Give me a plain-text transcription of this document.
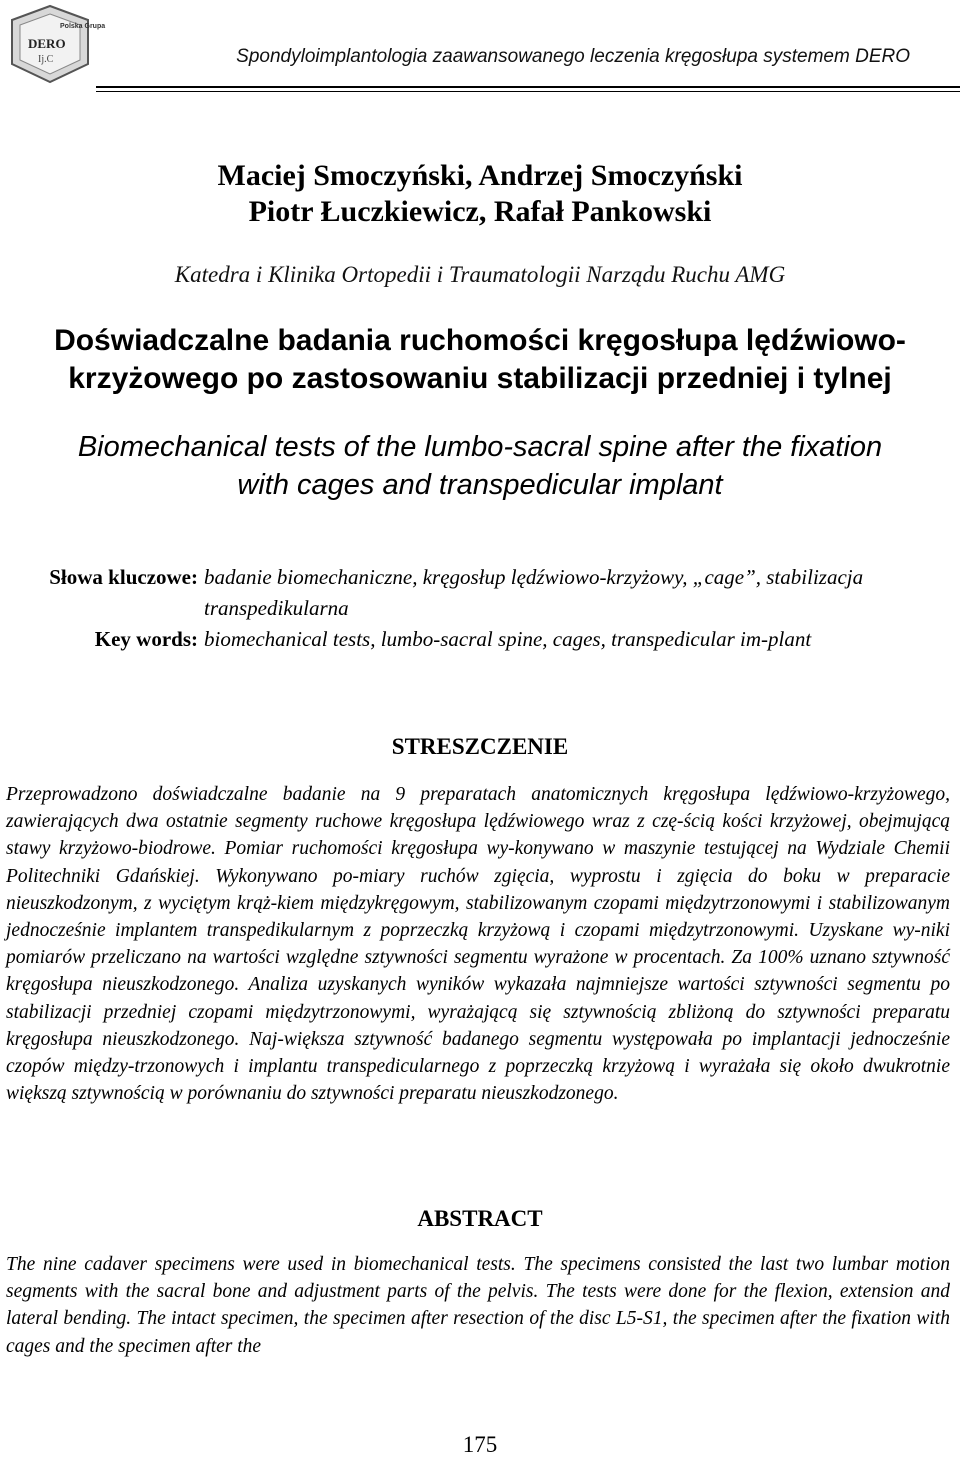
Polska Grupa
DERO
Ij.C	Spondyloimplantologia zaawansowanego leczenia kręgosłupa systemem DERO
Maciej Smoczyński, Andrzej Smoczyński
Piotr Łuczkiewicz, Rafał Pankowski
Katedra i Klinika Ortopedii i Traumatologii Narządu Ruchu AMG
Doświadczalne badania ruchomości kręgosłupa lędźwiowo-
krzyżowego po zastosowaniu stabilizacji przedniej i tylnej
Biomechanical tests of the lumbo-sacral spine after the fixation
with cages and transpedicular implant
Słowa kluczowe: badanie biomechaniczne, kręgosłup lędźwiowo-krzyżowy, „cage”, stabilizacja transpedikularna
Key words: biomechanical tests, lumbo-sacral spine, cages, transpedicular im-plant
STRESZCZENIE
Przeprowadzono doświadczalne badanie na 9 preparatach anatomicznych kręgosłupa lędźwiowo-krzyżowego, zawierających dwa ostatnie segmenty ruchowe kręgosłupa lędźwiowego wraz z czę-ścią kości krzyżowej, obejmującą stawy krzyżowo-biodrowe. Pomiar ruchomości kręgosłupa wy-konywano w maszynie testującej na Wydziale Chemii Politechniki Gdańskiej. Wykonywano po-miary ruchów zgięcia, wyprostu i zgięcia do boku w preparacie nieuszkodzonym, z wyciętym krąż-kiem międzykręgowym, stabilizowanym czopami międzytrzonowymi i stabilizowanym jednocześnie implantem transpedikularnym z poprzeczką krzyżową i czopami międzytrzonowymi. Uzyskane wy-niki pomiarów przeliczano na wartości względne sztywności segmentu wyrażone w procentach. Za 100% uznano sztywność kręgosłupa nieuszkodzonego. Analiza uzyskanych wyników wykazała najmniejsze wartości sztywności segmentu po stabilizacji przedniej czopami międzytrzonowymi, wyrażającą się sztywnością zbliżoną do sztywności preparatu kręgosłupa nieuszkodzonego. Naj-większa sztywność badanego segmentu występowała po implantacji jednocześnie czopów między-trzonowych i implantu transpedicularnego z poprzeczką krzyżową i wyrażała się około dwukrotnie większą sztywnością w porównaniu do sztywności preparatu nieuszkodzonego.
ABSTRACT
The nine cadaver specimens were used in biomechanical tests. The specimens consisted the last two lumbar motion segments with the sacral bone and adjustment parts of the pelvis. The tests were done for the flexion, extension and lateral bending. The intact specimen, the specimen after resection of the disc L5-S1, the specimen after the fixation with cages and the specimen after the
175
